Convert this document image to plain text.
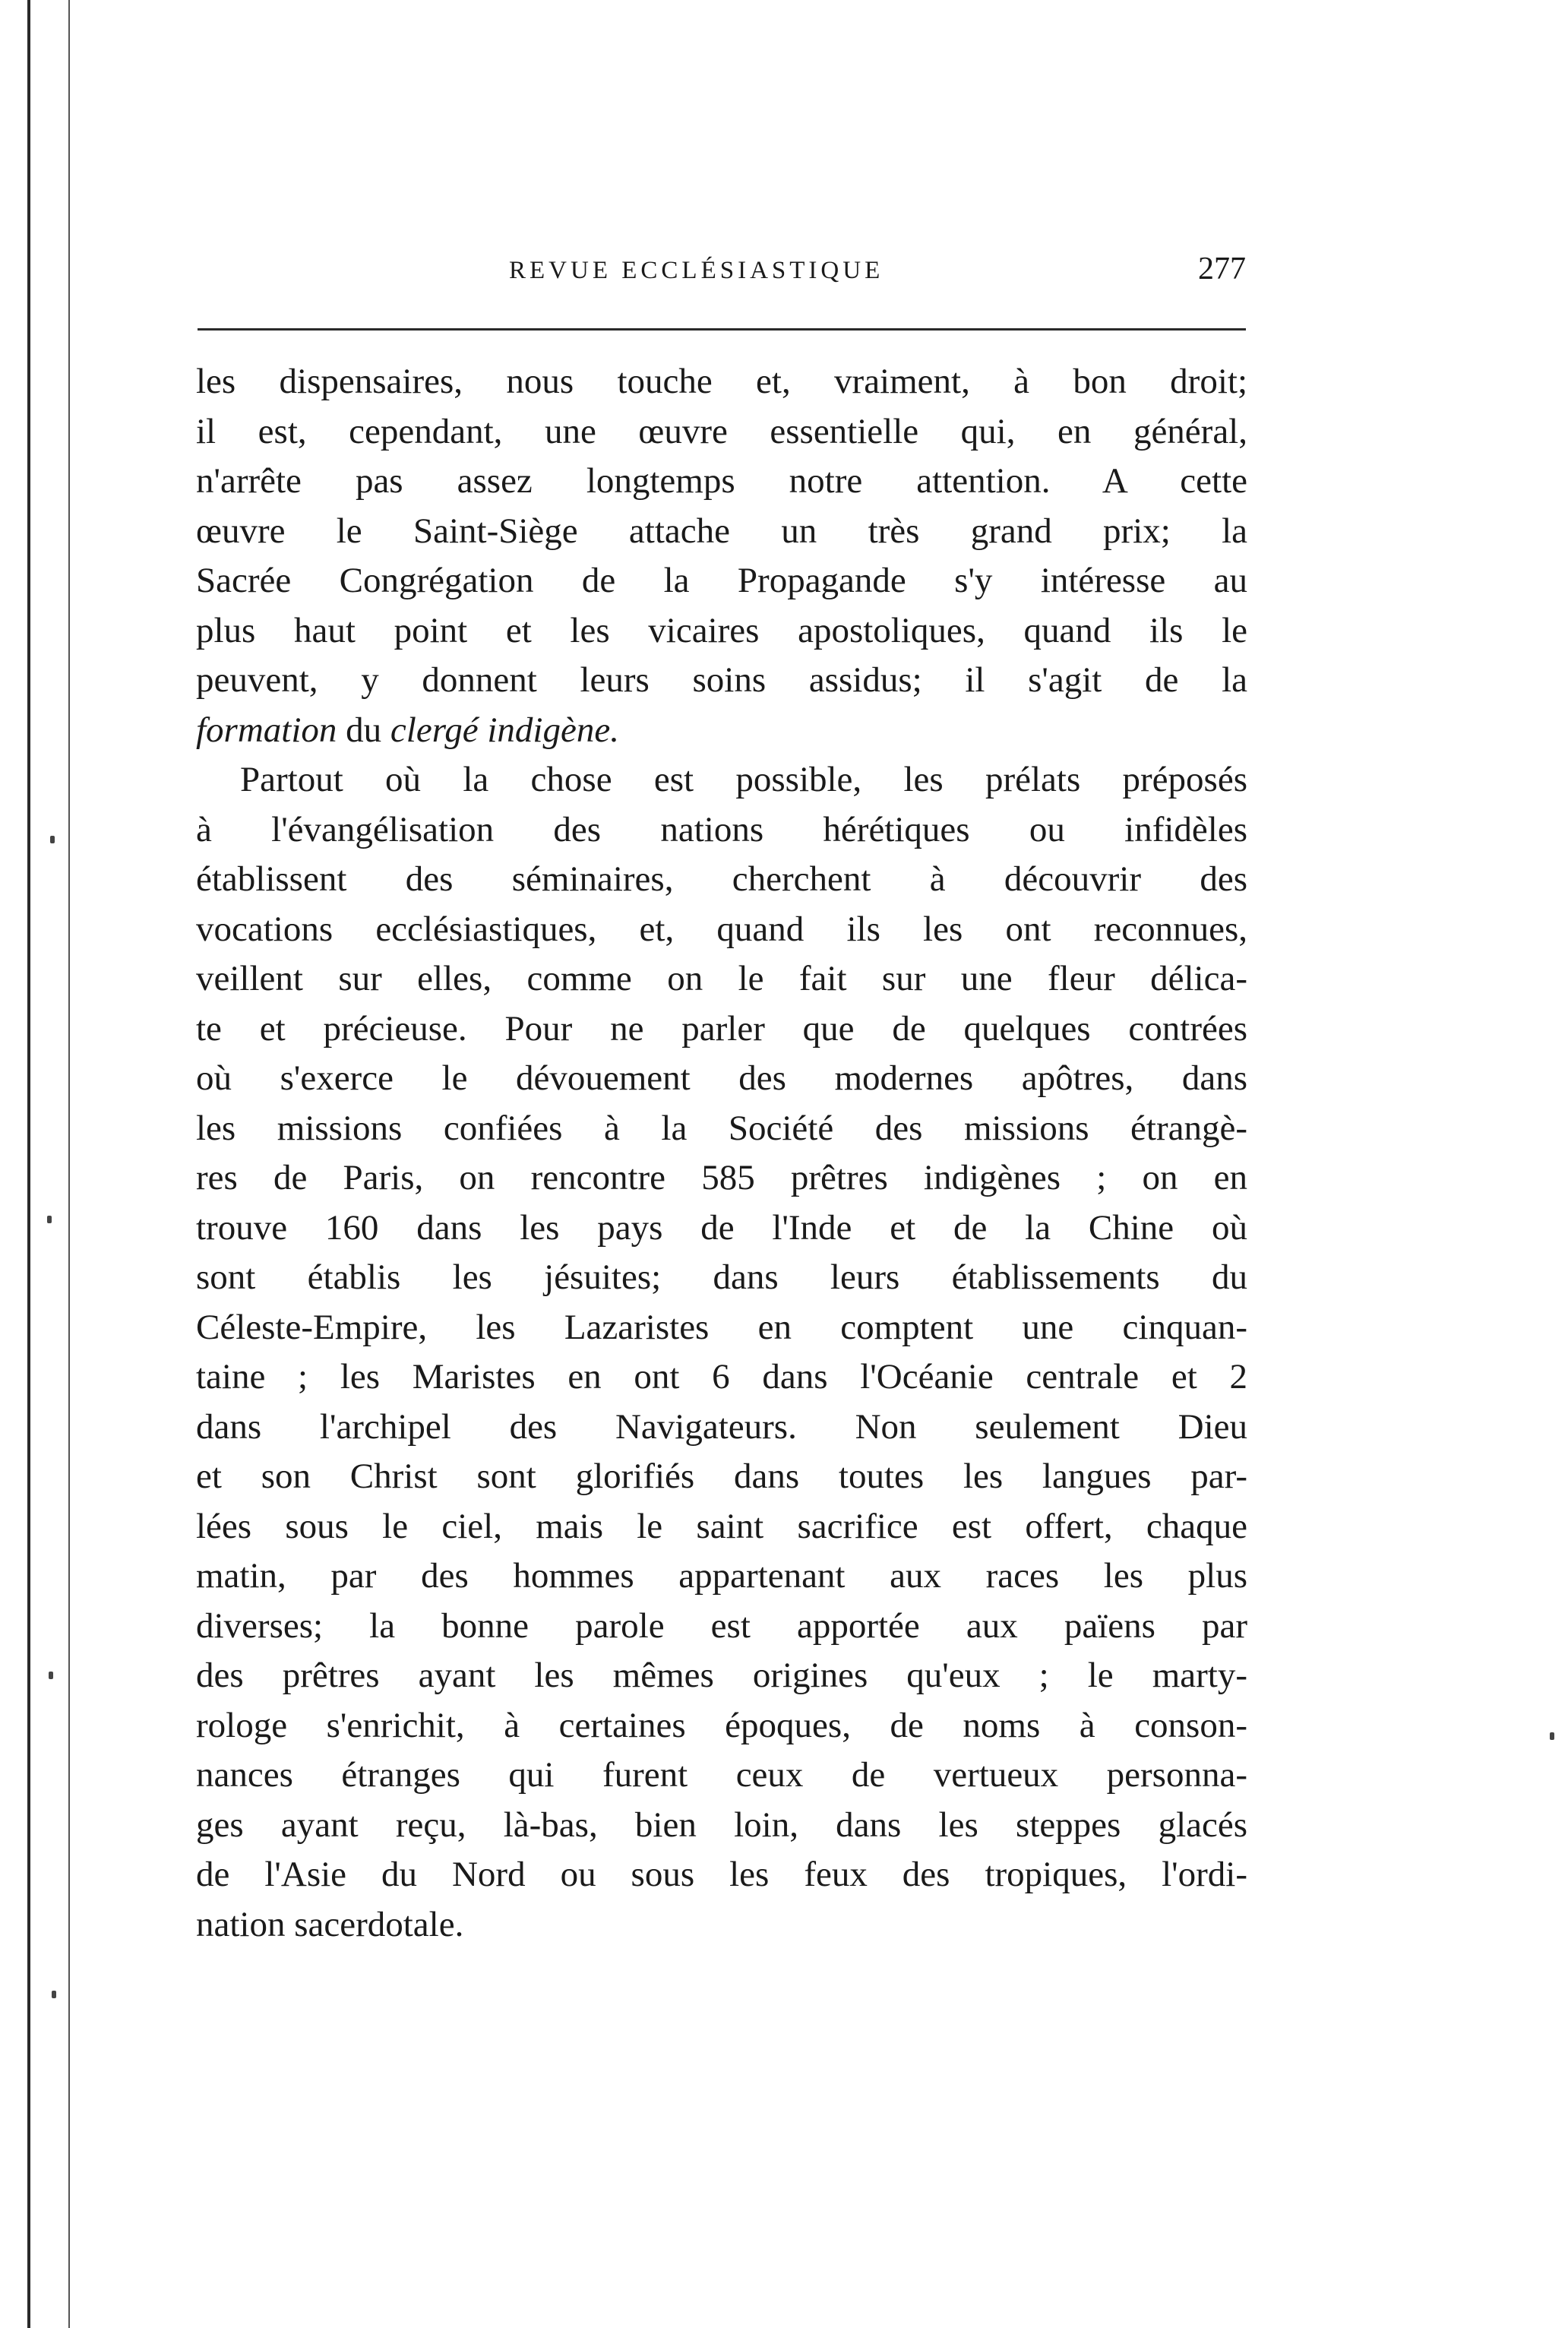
REVUE ECCLÉSIASTIQUE	277
les dispensaires, nous touche et, vraiment, à bon droit;
il est, cependant, une œuvre essentielle qui, en général,
n'arrête pas assez longtemps notre attention. A cette
œuvre le Saint-Siège attache un très grand prix; la
Sacrée Congrégation de la Propagande s'y intéresse au
plus haut point et les vicaires apostoliques, quand ils le
peuvent, y donnent leurs soins assidus; il s'agit de la
formation du clergé indigène.
Partout où la chose est possible, les prélats préposés
à l'évangélisation des nations hérétiques ou infidèles
établissent des séminaires, cherchent à découvrir des
vocations ecclésiastiques, et, quand ils les ont reconnues,
veillent sur elles, comme on le fait sur une fleur délica-
te et précieuse. Pour ne parler que de quelques contrées
où s'exerce le dévouement des modernes apôtres, dans
les missions confiées à la Société des missions étrangè-
res de Paris, on rencontre 585 prêtres indigènes ; on en
trouve 160 dans les pays de l'Inde et de la Chine où
sont établis les jésuites; dans leurs établissements du
Céleste-Empire, les Lazaristes en comptent une cinquan-
taine ; les Maristes en ont 6 dans l'Océanie centrale et 2
dans l'archipel des Navigateurs. Non seulement Dieu
et son Christ sont glorifiés dans toutes les langues par-
lées sous le ciel, mais le saint sacrifice est offert, chaque
matin, par des hommes appartenant aux races les plus
diverses; la bonne parole est apportée aux païens par
des prêtres ayant les mêmes origines qu'eux ; le marty-
rologe s'enrichit, à certaines époques, de noms à conson-
nances étranges qui furent ceux de vertueux personna-
ges ayant reçu, là-bas, bien loin, dans les steppes glacés
de l'Asie du Nord ou sous les feux des tropiques, l'ordi-
nation sacerdotale.
